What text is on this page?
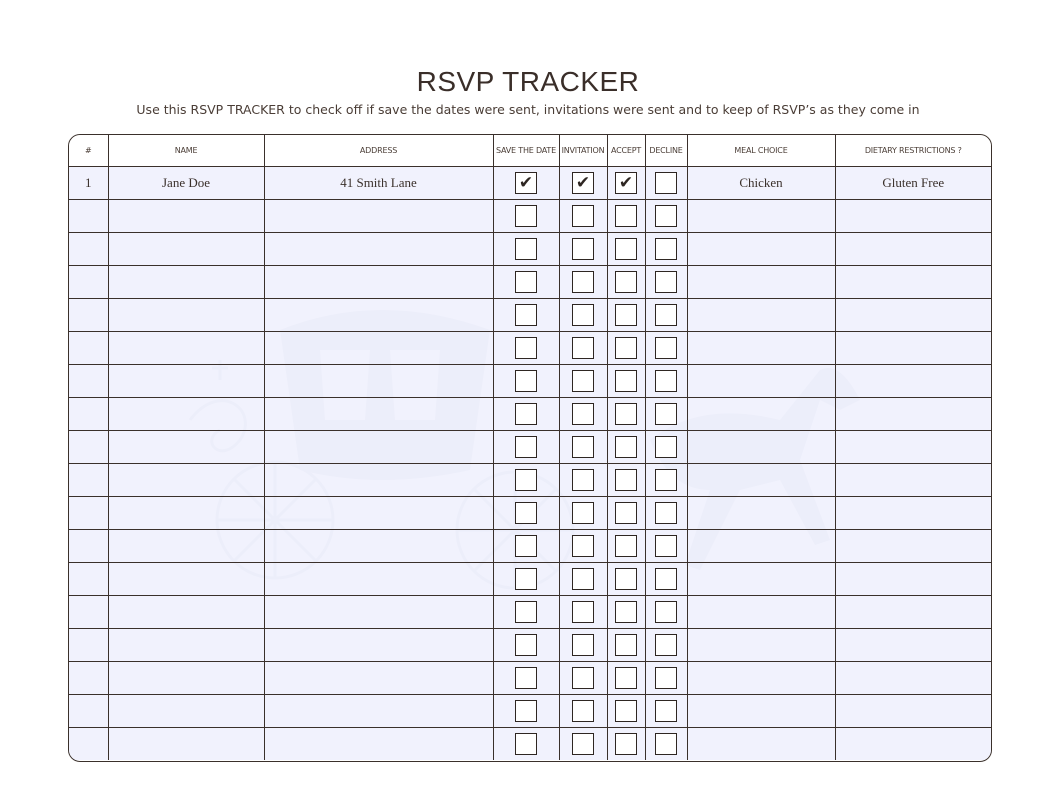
RSVP TRACKER

Use this RSVP TRACKER to check off if save the dates were sent, invitations were sent and to keep of RSVP’s as they come in

#	NAME	ADDRESS	SAVE THE DATE	INVITATION	ACCEPT	DECLINE	MEAL CHOICE	DIETARY RESTRICTIONS ?
1	Jane Doe	41 Smith Lane	✔	✔	✔		Chicken	Gluten Free
